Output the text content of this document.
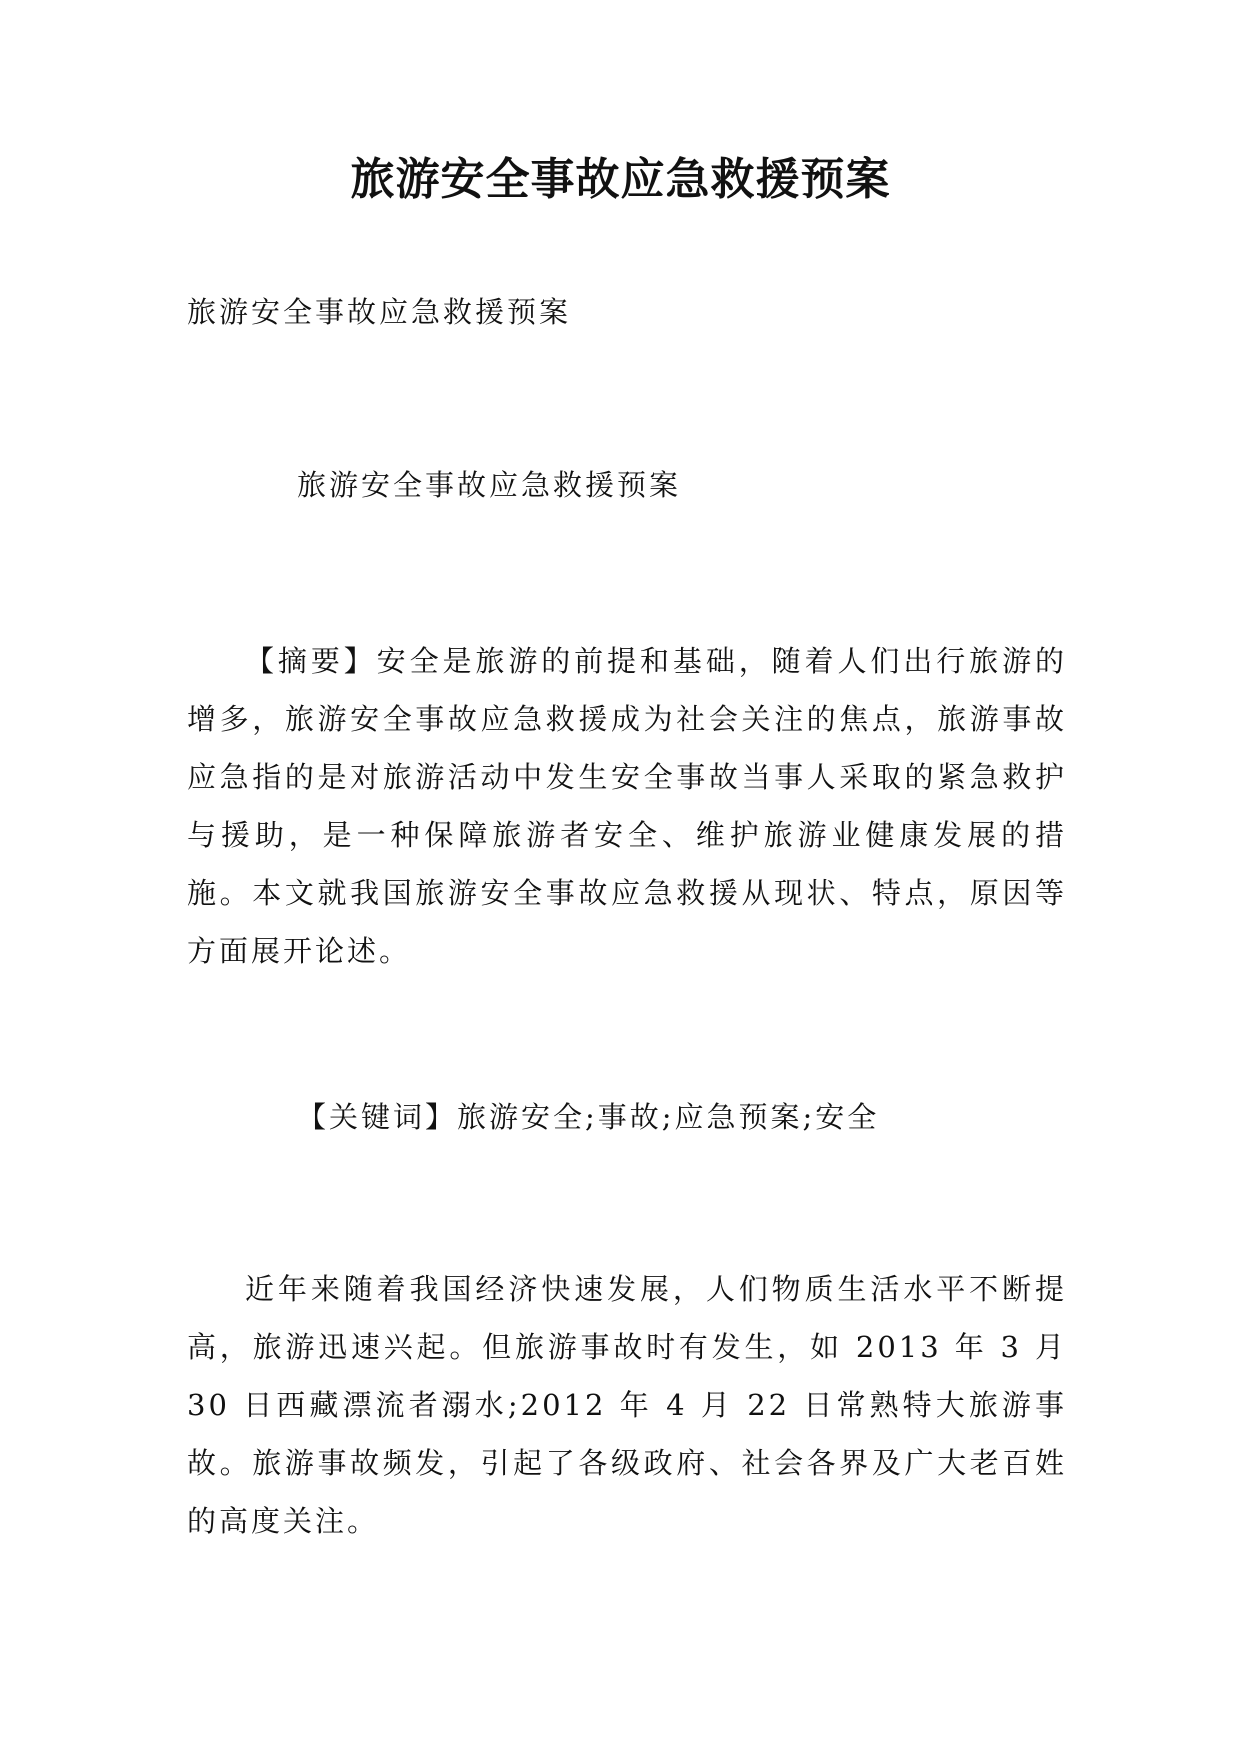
旅游安全事故应急救援预案
旅游安全事故应急救援预案
旅游安全事故应急救援预案

【摘要】安全是旅游的前提和基础，随着人们出行旅游的增多，旅游安全事故应急救援成为社会关注的焦点，旅游事故应急指的是对旅游活动中发生安全事故当事人采取的紧急救护与援助，是一种保障旅游者安全、维护旅游业健康发展的措施。本文就我国旅游安全事故应急救援从现状、特点，原因等方面展开论述。

【关键词】旅游安全;事故;应急预案;安全

近年来随着我国经济快速发展，人们物质生活水平不断提高，旅游迅速兴起。但旅游事故时有发生，如 2013 年 3 月 30 日西藏漂流者溺水;2012 年 4 月 22 日常熟特大旅游事故。旅游事故频发，引起了各级政府、社会各界及广大老百姓的高度关注。
